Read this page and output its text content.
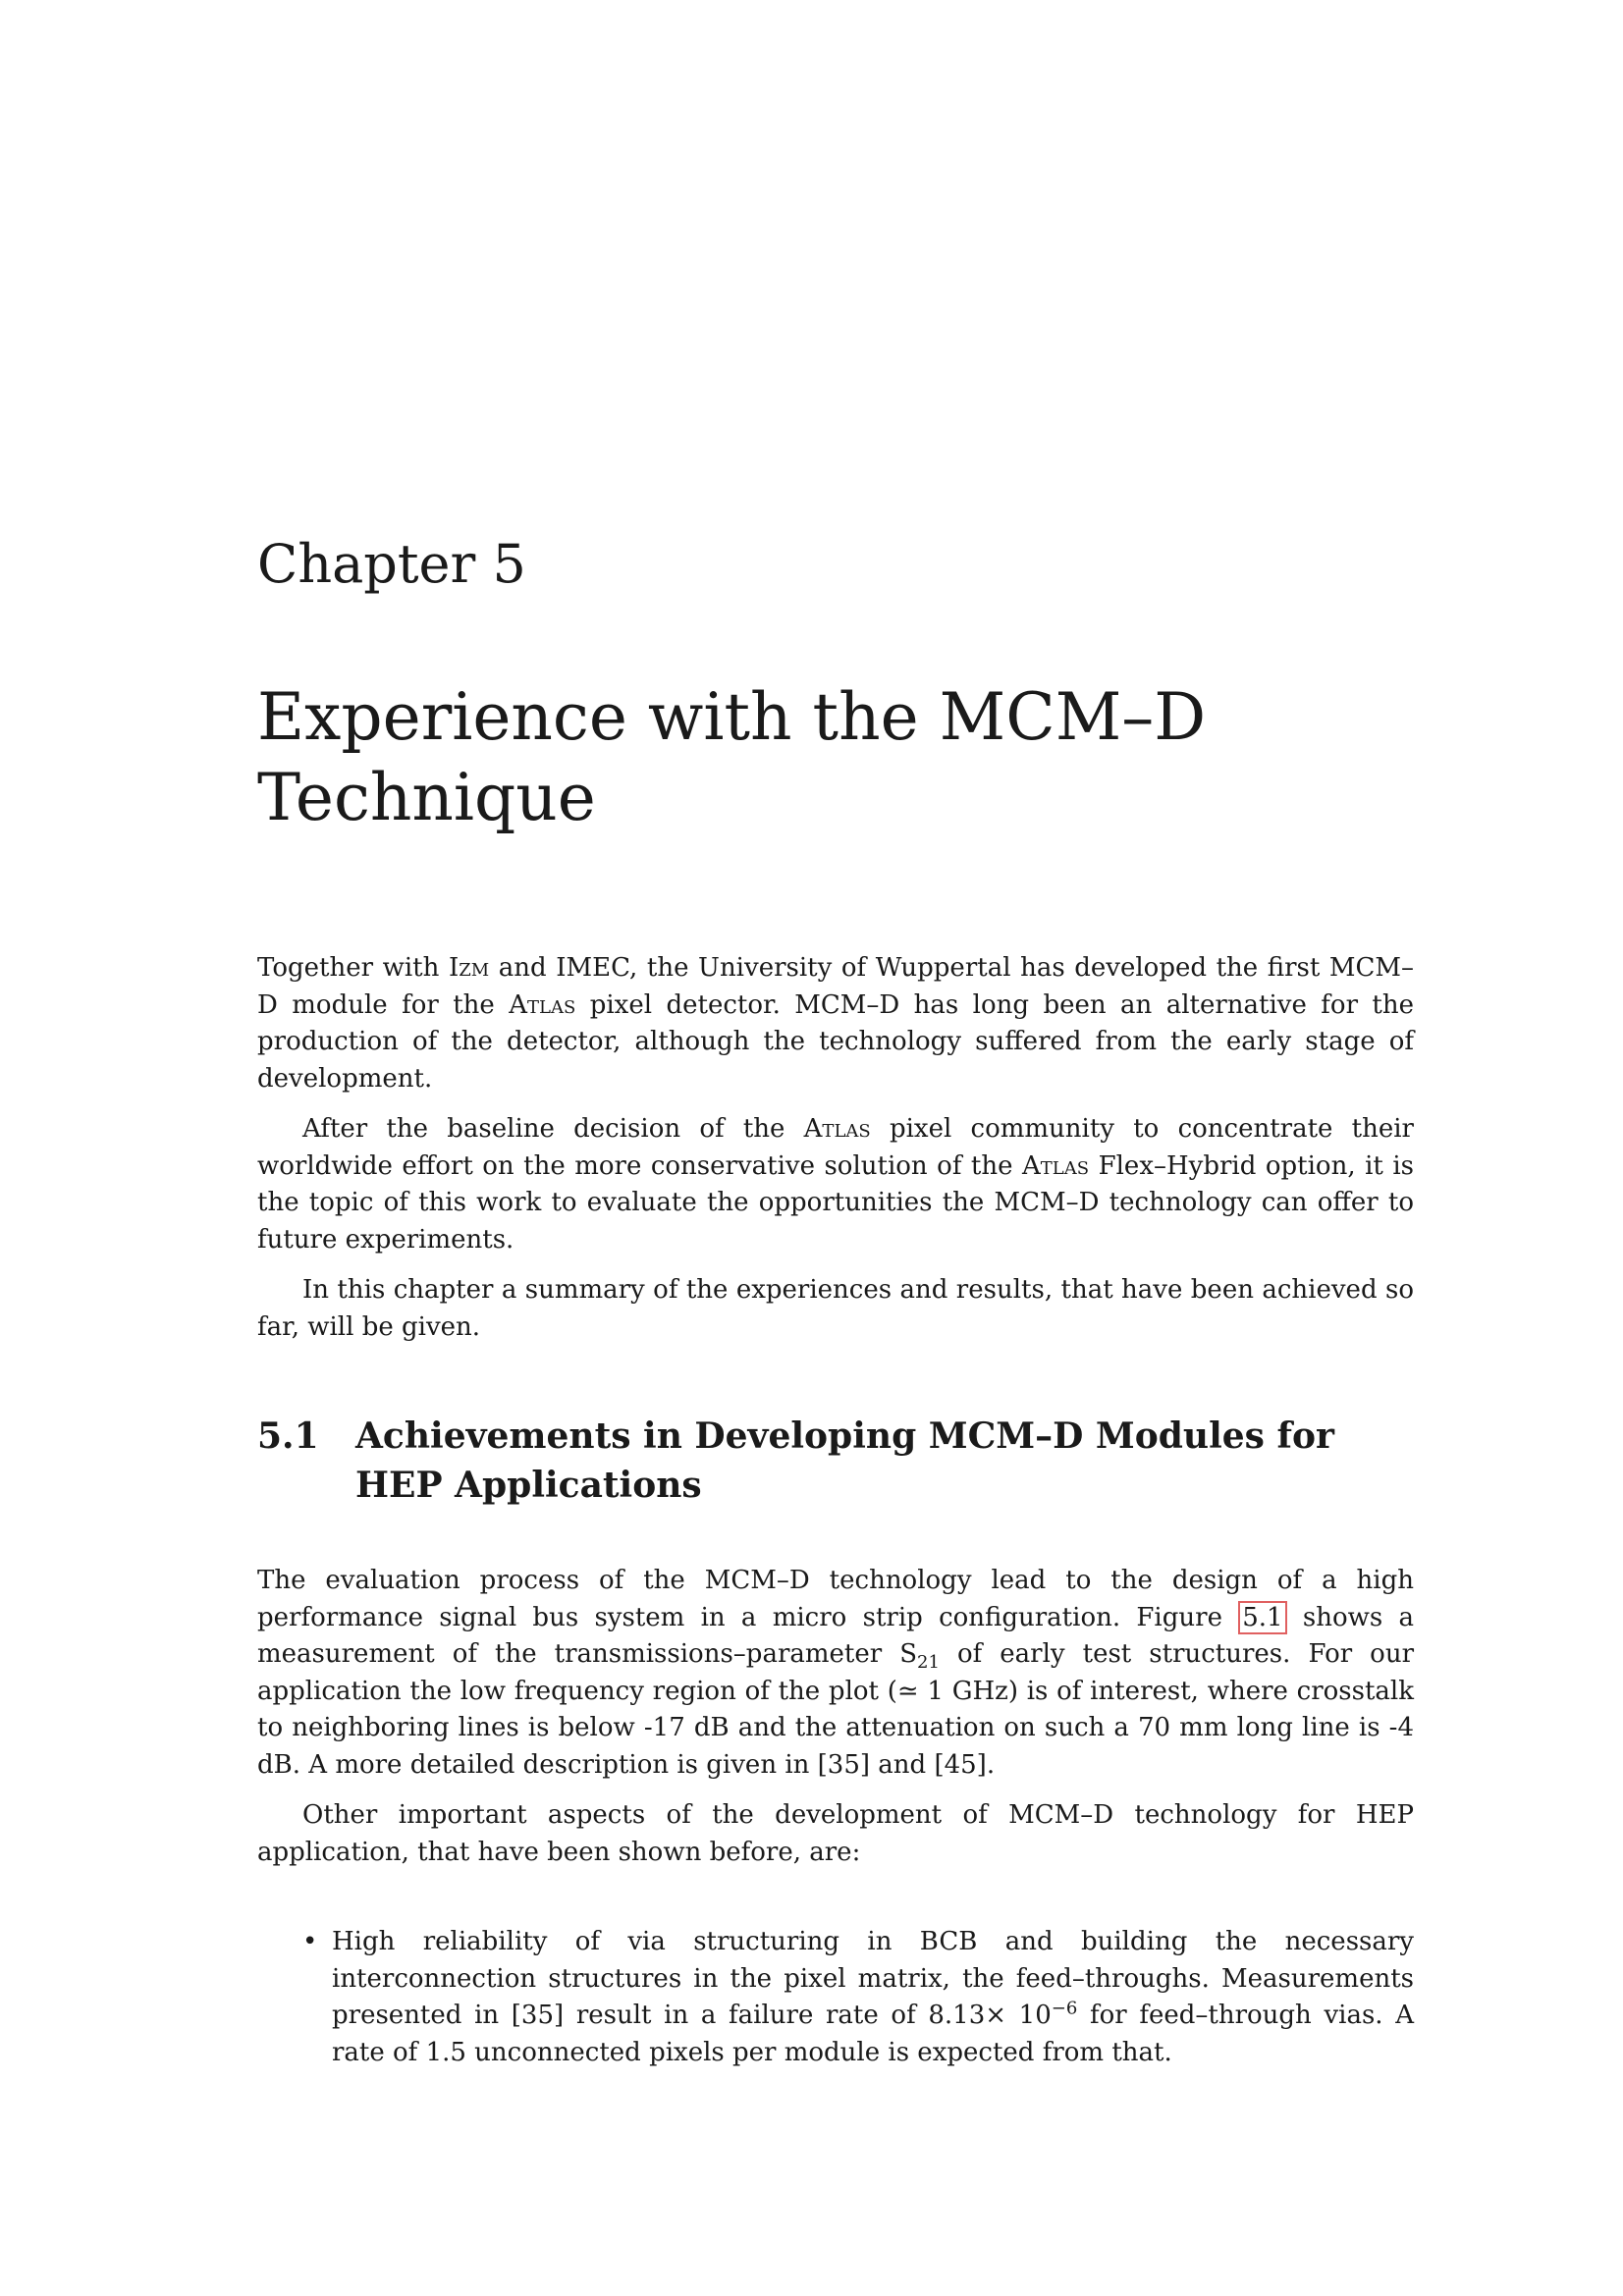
Chapter 5
Experience with the MCM–D
Technique

Together with Izm and IMEC, the University of Wuppertal has developed the first MCM–D module for the Atlas pixel detector. MCM–D has long been an alternative for the production of the detector, although the technology suffered from the early stage of development.

After the baseline decision of the Atlas pixel community to concentrate their worldwide effort on the more conservative solution of the Atlas Flex–Hybrid option, it is the topic of this work to evaluate the opportunities the MCM–D technology can offer to future experiments.

In this chapter a summary of the experiences and results, that have been achieved so far, will be given.

5.1	Achievements in Developing MCM–D Modules for HEP Applications

The evaluation process of the MCM–D technology lead to the design of a high performance signal bus system in a micro strip configuration. Figure 5.1 shows a measurement of the transmissions–parameter $S_{21}$ of early test structures. For our application the low frequency region of the plot (≃ 1 GHz) is of interest, where crosstalk to neighboring lines is below -17 dB and the attenuation on such a 70 mm long line is -4 dB. A more detailed description is given in [35] and [45].

Other important aspects of the development of MCM–D technology for HEP application, that have been shown before, are:

• High reliability of via structuring in BCB and building the necessary interconnection structures in the pixel matrix, the feed–throughs. Measurements presented in [35] result in a failure rate of $8.13\times 10^{-6}$ for feed–through vias. A rate of 1.5 unconnected pixels per module is expected from that.
